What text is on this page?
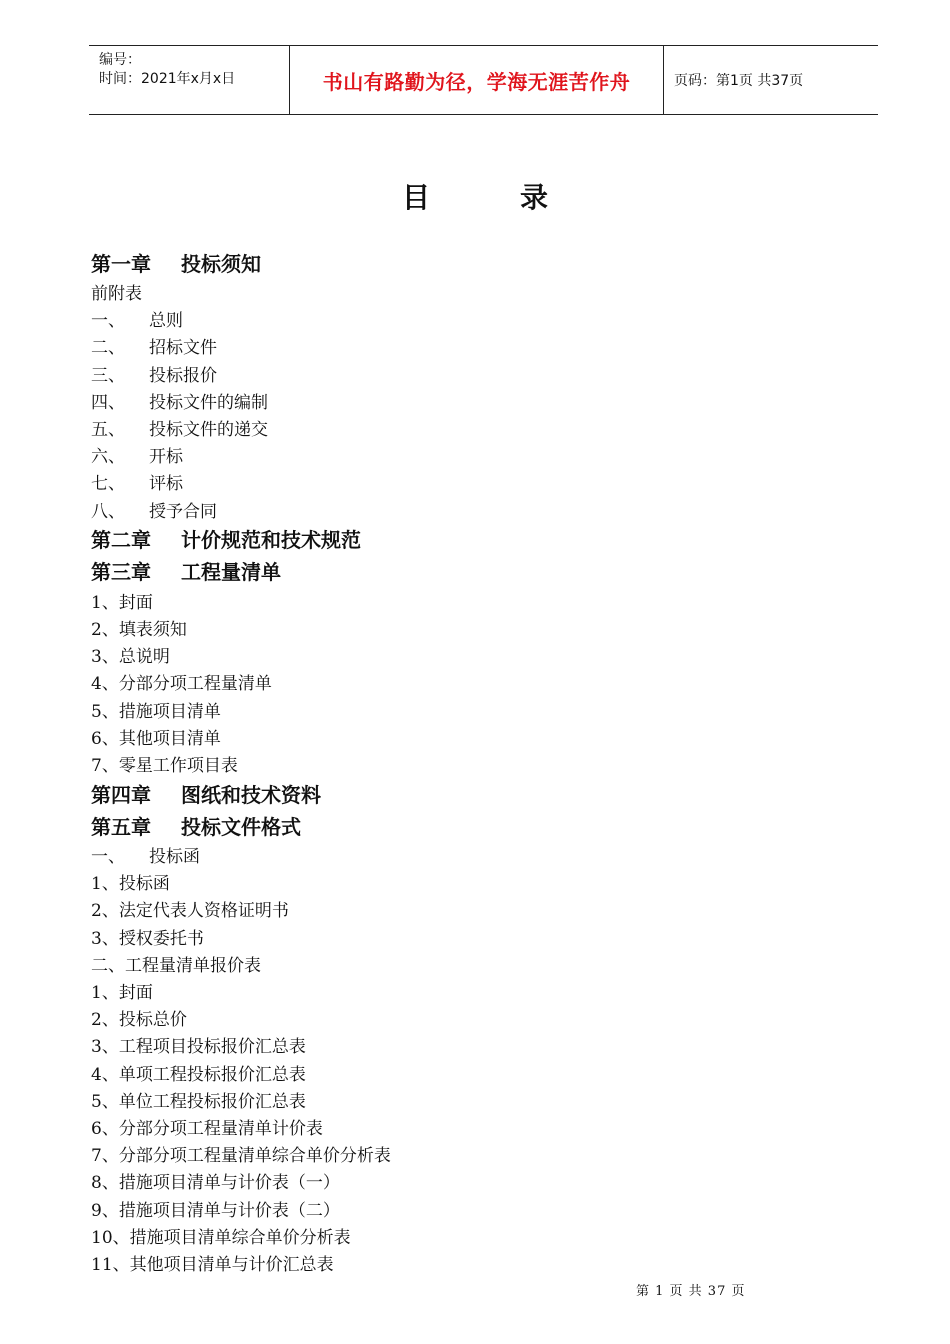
编号：
时间：2021年x月x日	书山有路勤为径，学海无涯苦作舟	页码：第1页 共37页
目	录
第一章	投标须知
前附表
一、	总则
二、	招标文件
三、	投标报价
四、	投标文件的编制
五、	投标文件的递交
六、	开标
七、	评标
八、	授予合同
第二章	计价规范和技术规范
第三章	工程量清单
1、封面
2、填表须知
3、总说明
4、分部分项工程量清单
5、措施项目清单
6、其他项目清单
7、零星工作项目表
第四章	图纸和技术资料
第五章	投标文件格式
一、	投标函
1、投标函
2、法定代表人资格证明书
3、授权委托书
二、工程量清单报价表
1、封面
2、投标总价
3、工程项目投标报价汇总表
4、单项工程投标报价汇总表
5、单位工程投标报价汇总表
6、分部分项工程量清单计价表
7、分部分项工程量清单综合单价分析表
8、措施项目清单与计价表（一）
9、措施项目清单与计价表（二）
10、措施项目清单综合单价分析表
11、其他项目清单与计价汇总表
第 1 页 共 37 页
